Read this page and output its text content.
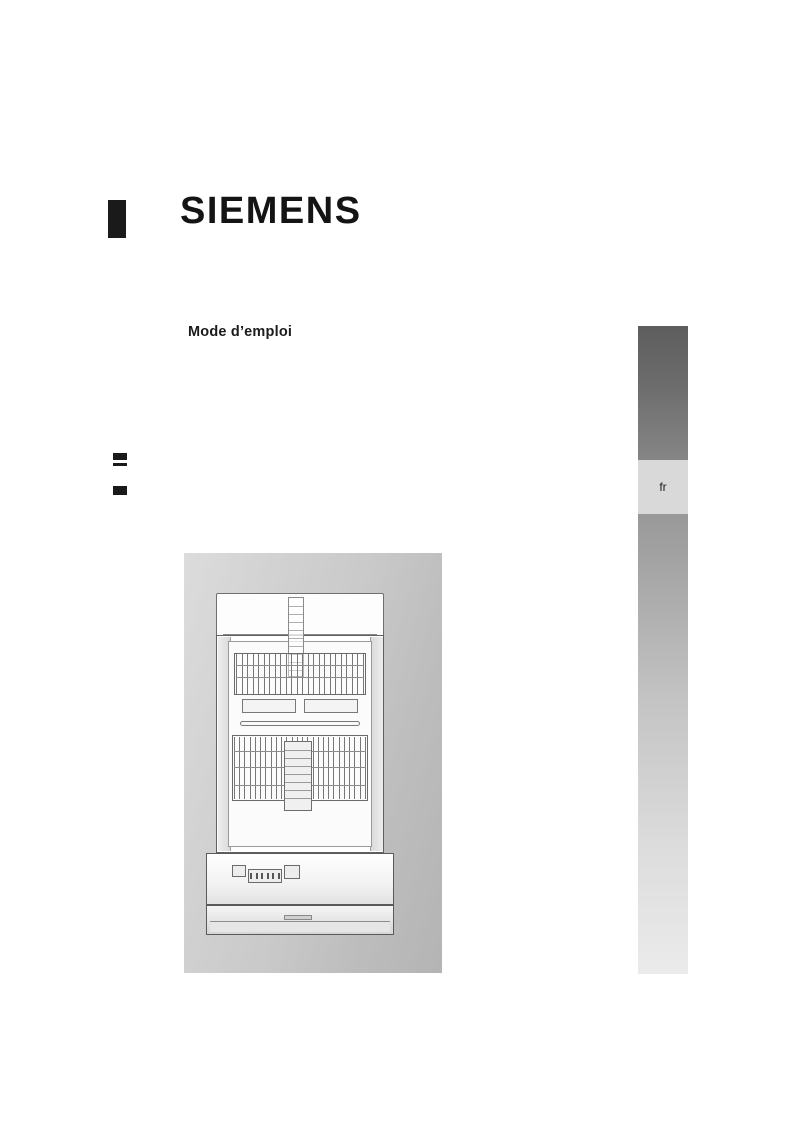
SIEMENS
Mode d’emploi
fr
